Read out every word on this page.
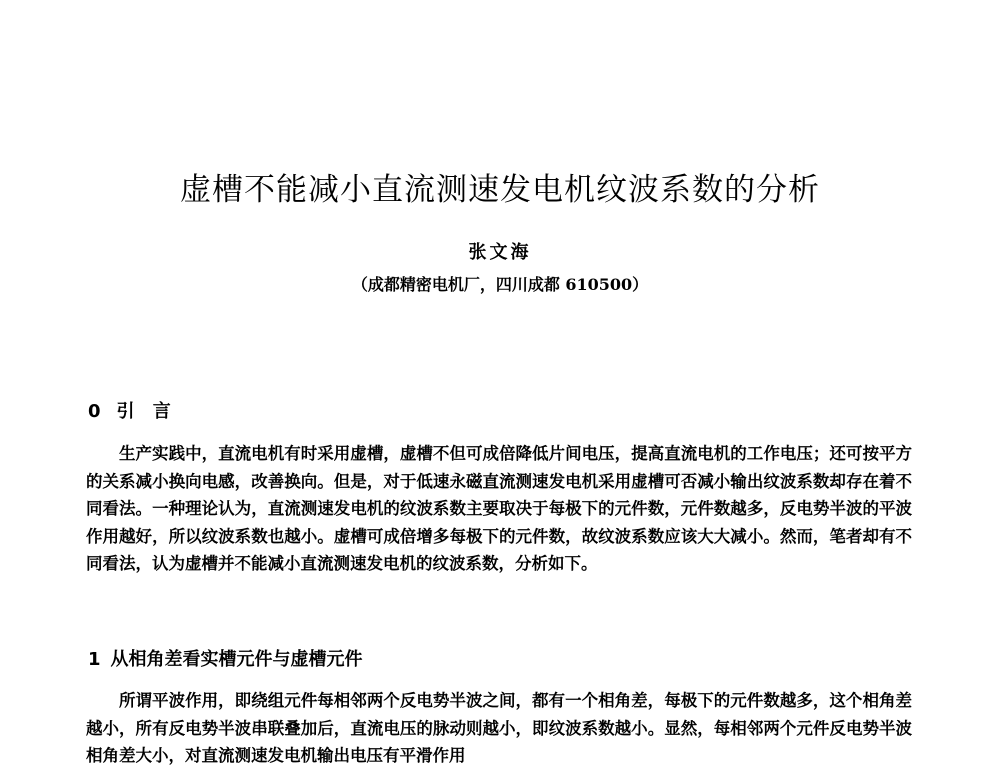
虚槽不能减小直流测速发电机纹波系数的分析
张文海
（成都精密电机厂，四川成都 610500）
0 引 言

生产实践中，直流电机有时采用虚槽，虚槽不但可成倍降低片间电压，提高直流电机的工作电压；还可按平方的关系减小换向电感，改善换向。但是，对于低速永磁直流测速发电机采用虚槽可否减小输出纹波系数却存在着不同看法。一种理论认为，直流测速发电机的纹波系数主要取决于每极下的元件数，元件数越多，反电势半波的平波作用越好，所以纹波系数也越小。虚槽可成倍增多每极下的元件数，故纹波系数应该大大减小。然而，笔者却有不同看法，认为虚槽并不能减小直流测速发电机的纹波系数，分析如下。

1 从相角差看实槽元件与虚槽元件

所谓平波作用，即绕组元件每相邻两个反电势半波之间，都有一个相角差，每极下的元件数越多，这个相角差越小，所有反电势半波串联叠加后，直流电压的脉动则越小，即纹波系数越小。显然，每相邻两个元件反电势半波相角差大小，对直流测速发电机输出电压有平滑作用
